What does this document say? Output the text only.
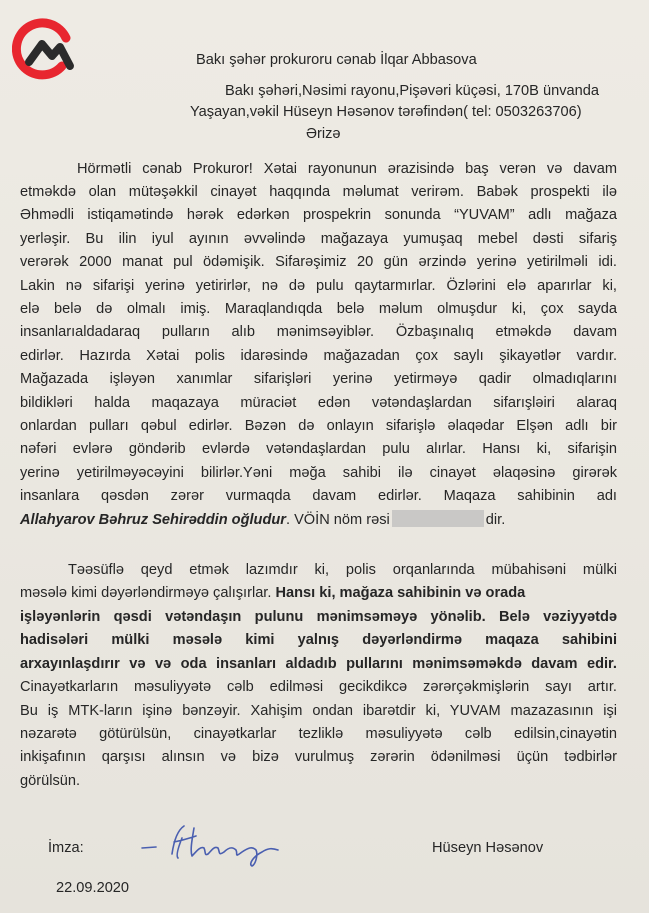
Bakı şəhər prokuroru cənab İlqar Abbasova
Bakı şəhəri,Nəsimi rayonu,Pişəvəri küçəsi, 170B ünvanda
Yaşayan,vəkil Hüseyn Həsənov tərəfindən( tel: 0503263706)
Ərizə
Hörmətli cənab Prokuror! Xətai rayonunun ərazisində baş verən və davam
etməkdə olan mütəşəkkil cinayət haqqında məlumat verirəm. Babək prospekti ilə
Əhmədli istiqamətində hərək edərkən prospekrin sonunda “YUVAM” adlı mağaza
yerləşir. Bu ilin iyul ayının əvvəlində mağazaya yumuşaq mebel dəsti sifariş
verərək 2000 manat pul ödəmişik. Sifarəşimiz 20 gün ərzində yerinə yetirilməli idi.
Lakin nə sifarişi yerinə yetirirlər, nə də pulu qaytarmırlar. Özlərini elə aparırlar ki,
elə belə də olmalı imiş. Maraqlandıqda belə məlum olmuşdur ki, çox sayda
insanlarıaldadaraq pulların alıb mənimsəyiblər. Özbaşınalıq etməkdə davam
edirlər. Hazırda Xətai polis idarəsində mağazadan çox saylı şikayətlər vardır.
Mağazada işləyən xanımlar sifarişləri yerinə yetirməyə qadir olmadıqlarını
bildikləri halda maqazaya müraciət edən vətəndaşlardan sifarışləiri alaraq
onlardan pulları qəbul edirlər. Bəzən də onlayın sifarişlə əlaqədar Elşən adlı bir
nəfəri evlərə göndərib evlərdə vətəndaşlardan pulu alırlar. Hansı ki, sifarişin
yerinə yetirilməyəcəyini bilirlər.Yəni məğa sahibi ilə cinayət əlaqəsinə girərək
insanlara qəsdən zərər vurmaqda davam edirlər. Maqaza sahibinin adı
Allahyarov Bəhruz Sehirəddin oğludur. VÖİN nöm rəsi	dir.
Təəsüflə qeyd etmək lazımdır ki, polis orqanlarında mübahisəni mülki
məsələ kimi dəyərləndirməyə çalışırlar. Hansı ki, mağaza sahibinin və orada
işləyənlərin qəsdi vətəndaşın pulunu mənimsəməyə yönəlib. Belə vəziyyətdə
hadisələri mülki məsələ kimi yalnış dəyərləndirmə maqaza sahibini
arxayınlaşdırır və və oda insanları aldadıb pullarını mənimsəməkdə davam edir.
Cinayətkarların məsuliyyətə cəlb edilməsi gecikdikcə zərərçəkmişlərin sayı artır.
Bu iş MTK-ların işinə bənzəyir. Xahişim ondan ibarətdir ki, YUVAM mazazasının işi
nəzarətə götürülsün, cinayətkarlar tezliklə məsuliyyətə cəlb edilsin,cinayətin
inkişafının qarşısı alınsın və bizə vurulmuş zərərin ödənilməsi üçün tədbirlər
görülsün.
İmza:	Hüseyn Həsənov
22.09.2020
